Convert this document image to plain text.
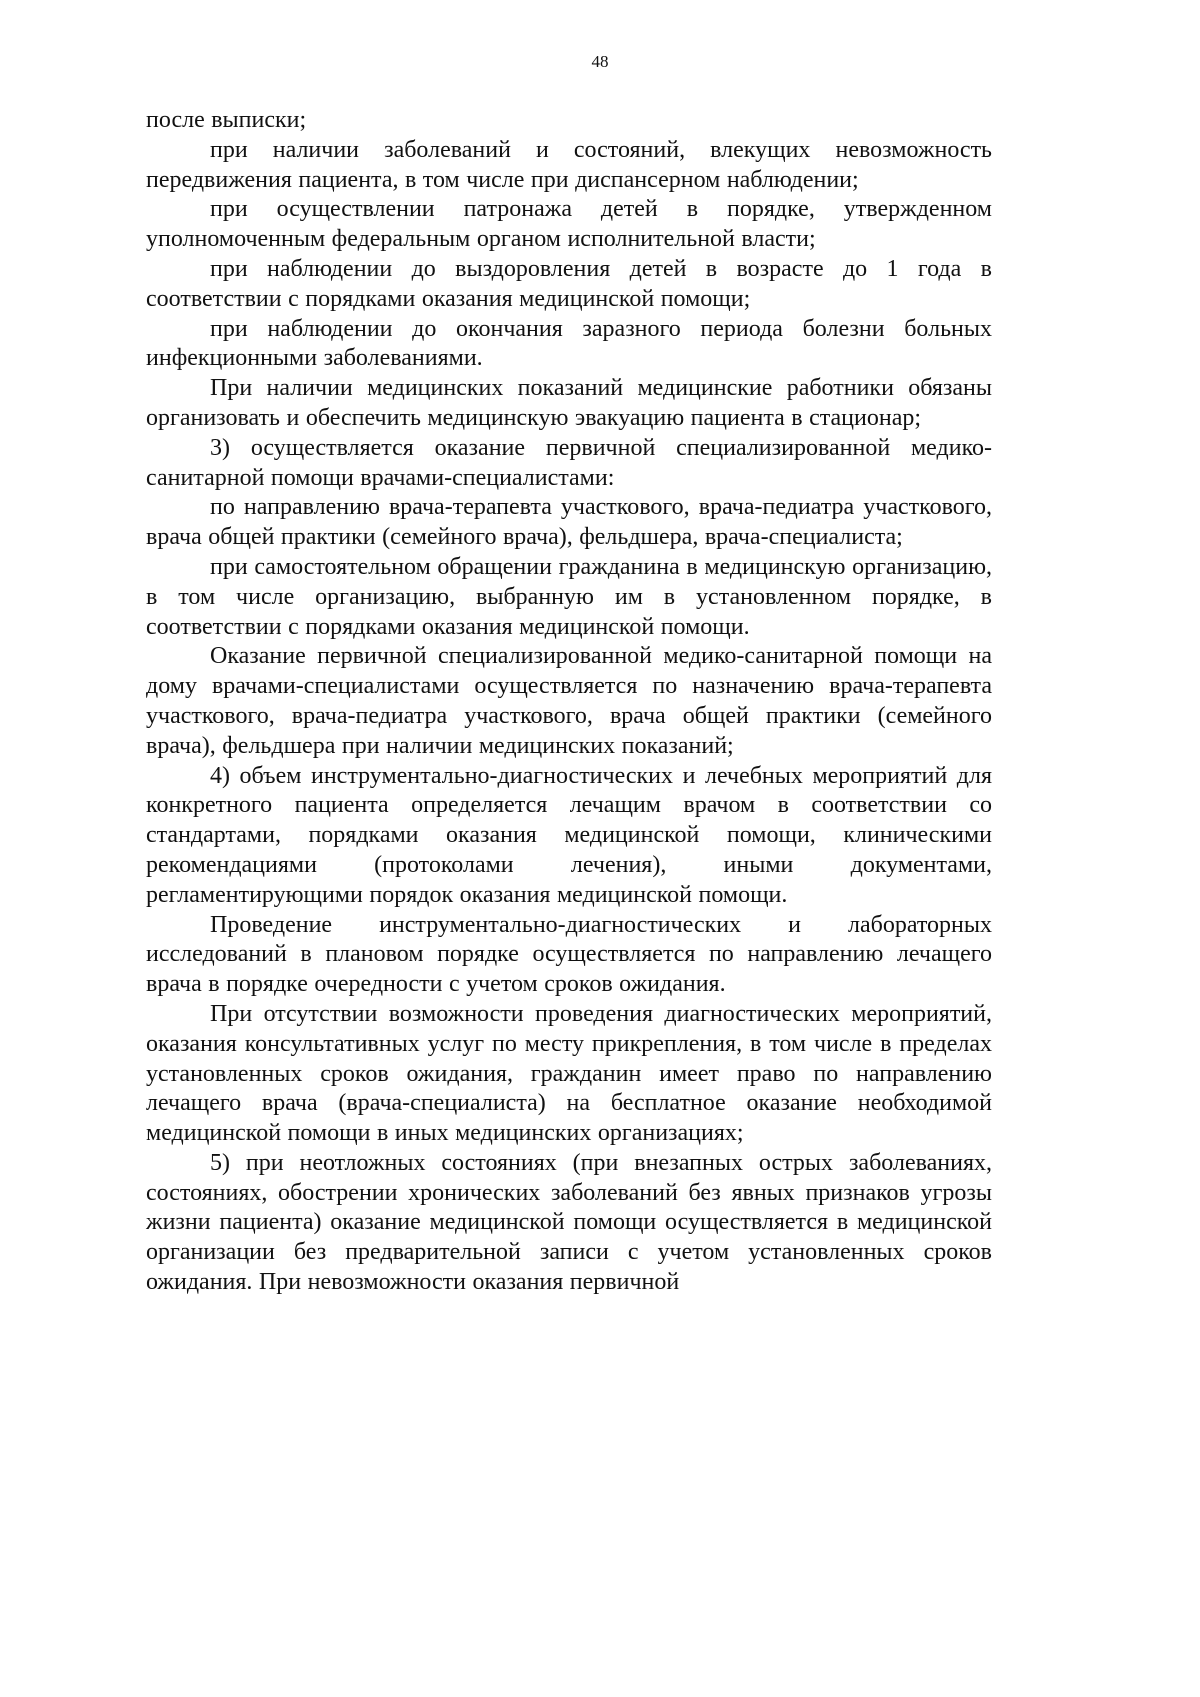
48

после выписки;

при наличии заболеваний и состояний, влекущих невозможность передвижения пациента, в том числе при диспансерном наблюдении;

при осуществлении патронажа детей в порядке, утвержденном уполномоченным федеральным органом исполнительной власти;

при наблюдении до выздоровления детей в возрасте до 1 года в соответствии с порядками оказания медицинской помощи;

при наблюдении до окончания заразного периода болезни больных инфекционными заболеваниями.

При наличии медицинских показаний медицинские работники обязаны организовать и обеспечить медицинскую эвакуацию пациента в стационар;

3) осуществляется оказание первичной специализированной медико-санитарной помощи врачами-специалистами:

по направлению врача-терапевта участкового, врача-педиатра участкового, врача общей практики (семейного врача), фельдшера, врача-специалиста;

при самостоятельном обращении гражданина в медицинскую организацию, в том числе организацию, выбранную им в установленном порядке, в соответствии с порядками оказания медицинской помощи.

Оказание первичной специализированной медико-санитарной помощи на дому врачами-специалистами осуществляется по назначению врача-терапевта участкового, врача-педиатра участкового, врача общей практики (семейного врача), фельдшера при наличии медицинских показаний;

4) объем инструментально-диагностических и лечебных мероприятий для конкретного пациента определяется лечащим врачом в соответствии со стандартами, порядками оказания медицинской помощи, клиническими рекомендациями (протоколами лечения), иными документами, регламентирующими порядок оказания медицинской помощи.

Проведение инструментально-диагностических и лабораторных исследований в плановом порядке осуществляется по направлению лечащего врача в порядке очередности с учетом сроков ожидания.

При отсутствии возможности проведения диагностических мероприятий, оказания консультативных услуг по месту прикрепления, в том числе в пределах установленных сроков ожидания, гражданин имеет право по направлению лечащего врача (врача-специалиста) на бесплатное оказание необходимой медицинской помощи в иных медицинских организациях;

5) при неотложных состояниях (при внезапных острых заболеваниях, состояниях, обострении хронических заболеваний без явных признаков угрозы жизни пациента) оказание медицинской помощи осуществляется в медицинской организации без предварительной записи с учетом установленных сроков ожидания. При невозможности оказания первичной
